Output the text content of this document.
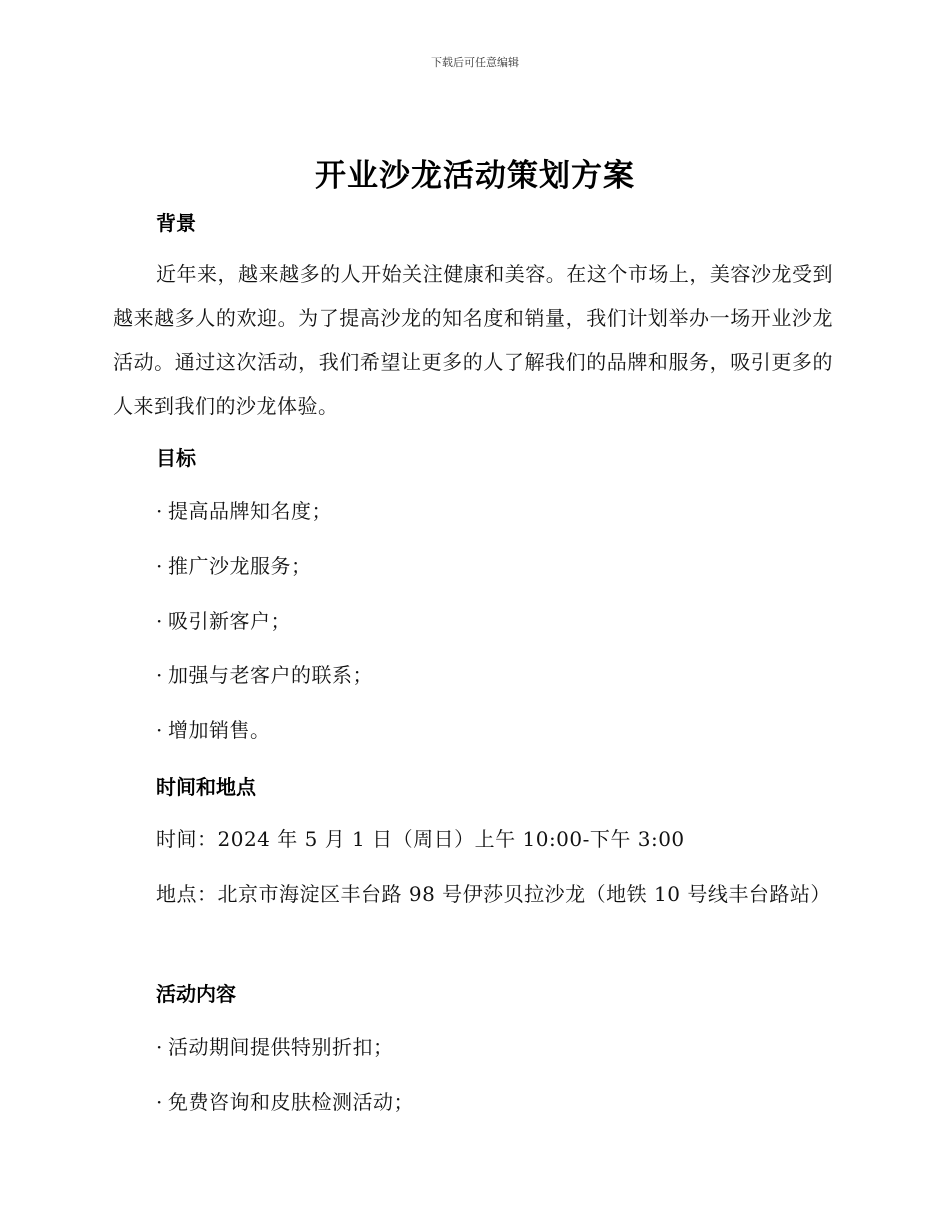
下载后可任意编辑
开业沙龙活动策划方案
背景

近年来，越来越多的人开始关注健康和美容。在这个市场上，美容沙龙受到越来越多人的欢迎。为了提高沙龙的知名度和销量，我们计划举办一场开业沙龙活动。通过这次活动，我们希望让更多的人了解我们的品牌和服务，吸引更多的人来到我们的沙龙体验。

目标

· 提高品牌知名度；

· 推广沙龙服务；

· 吸引新客户；

· 加强与老客户的联系；

· 增加销售。

时间和地点

时间：2024 年 5 月 1 日（周日）上午 10:00-下午 3:00

地点：北京市海淀区丰台路 98 号伊莎贝拉沙龙（地铁 10 号线丰台路站）

活动内容

· 活动期间提供特别折扣；

· 免费咨询和皮肤检测活动；
